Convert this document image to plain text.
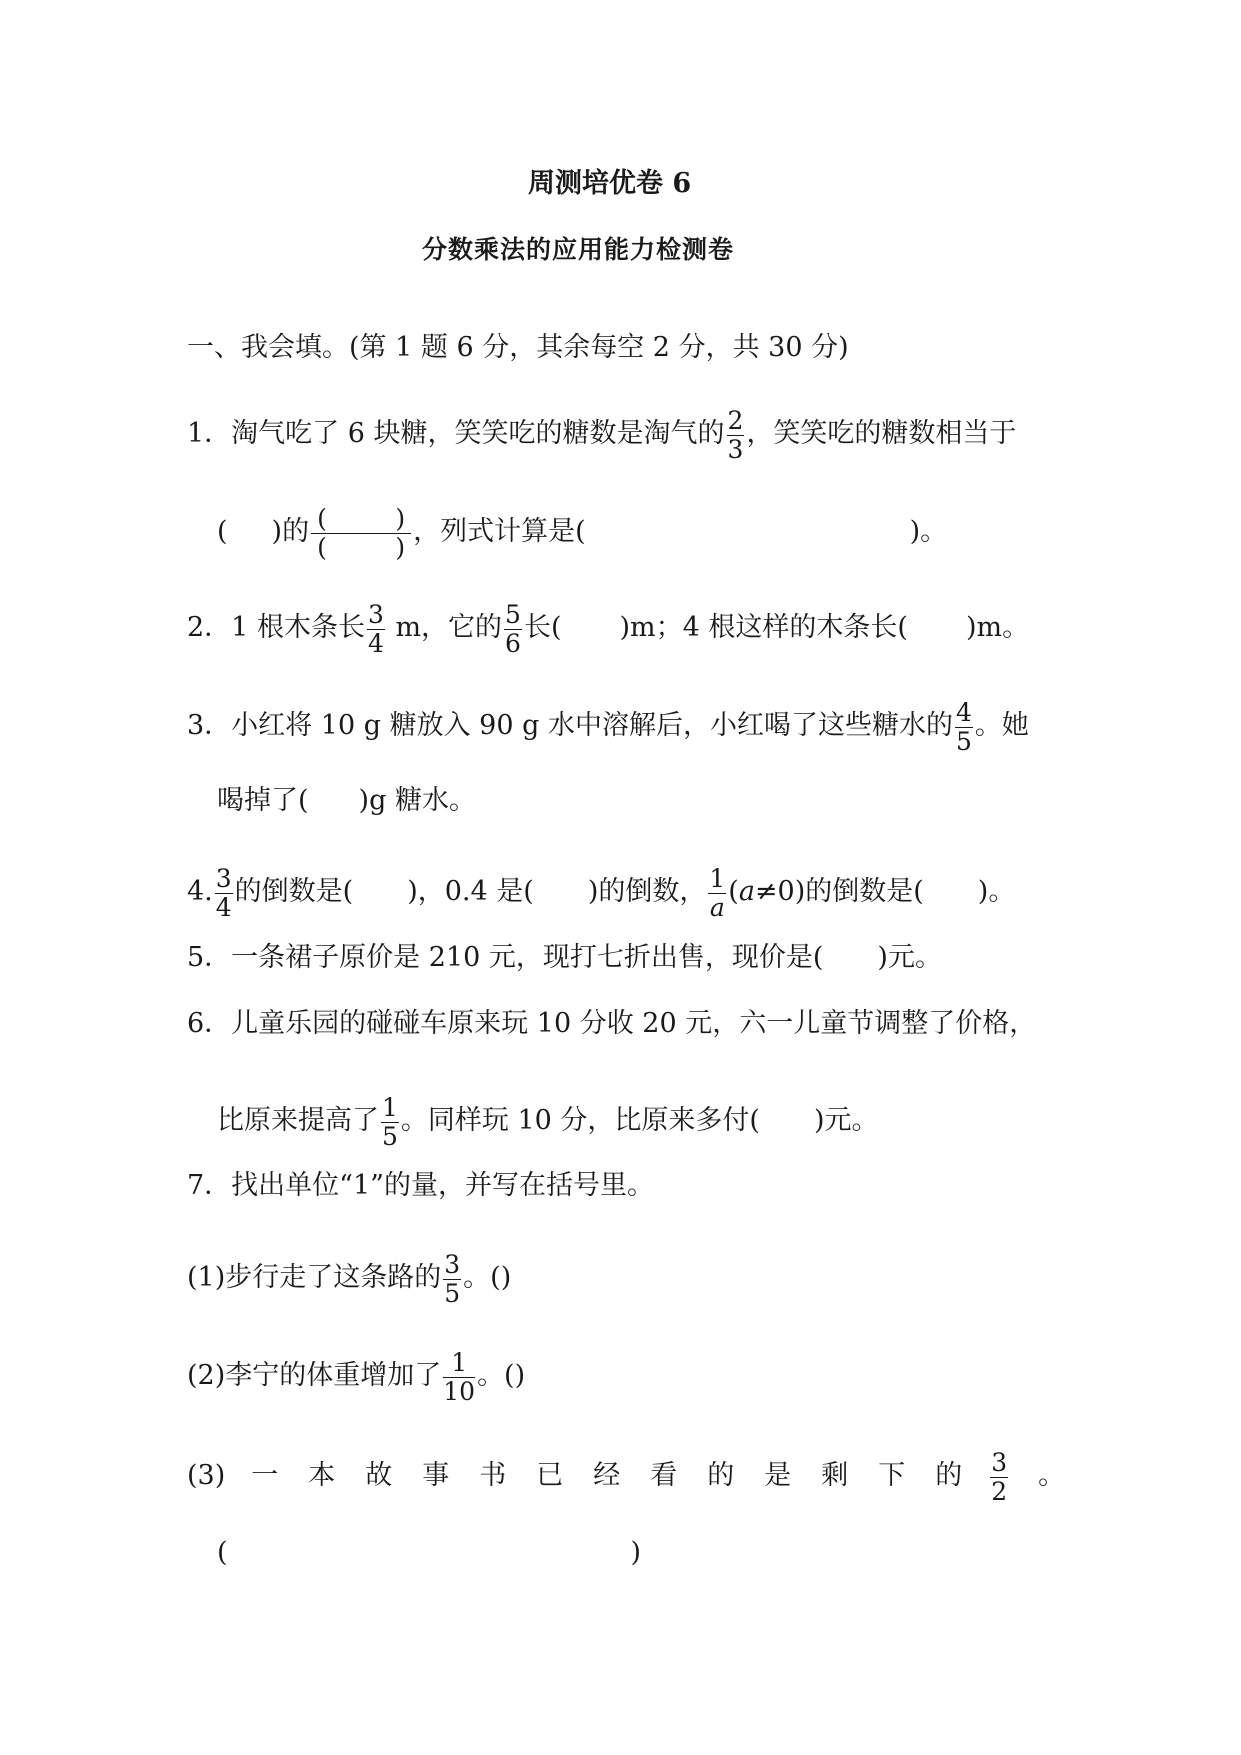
周测培优卷 6
分数乘法的应用能力检测卷
一、我会填。(第 1 题 6 分，其余每空 2 分，共 30 分)
1．淘气吃了 6 块糖，笑笑吃的糖数是淘气的 $\frac{2}{3}$ ，笑笑吃的糖数相当于
( )的 (	)
(	) ，列式计算是(	)。
2．1 根木条长 $\frac{3}{4}$ m，它的 $\frac{5}{6}$ 长( )m；4 根这样的木条长( )m。
3．小红将 10 g 糖放入 90 g 水中溶解后，小红喝了这些糖水的 $\frac{4}{5}$ 。她
喝掉了( )g 糖水。
4. $\frac{3}{4}$ 的倒数是( )，0.4 是( )的倒数， $\frac{1}{a} (a\ne 0)$的倒数是( )。
5．一条裙子原价是 210 元，现打七折出售，现价是( )元。
6．儿童乐园的碰碰车原来玩 10 分收 20 元，六一儿童节调整了价格，
比原来提高了 $\frac{1}{5}$ 。同样玩 10 分，比原来多付( )元。
7．找出单位“1”的量，并写在括号里。
(1)步行走了这条路的 $\frac{3}{5}$ 。()
(2)李宁的体重增加了 $\frac{1}{10}$ 。()
(3) 一 本 故 事 书 已 经 看 的 是 剩 下 的 $\frac{3}{2}$ 。
(	)
